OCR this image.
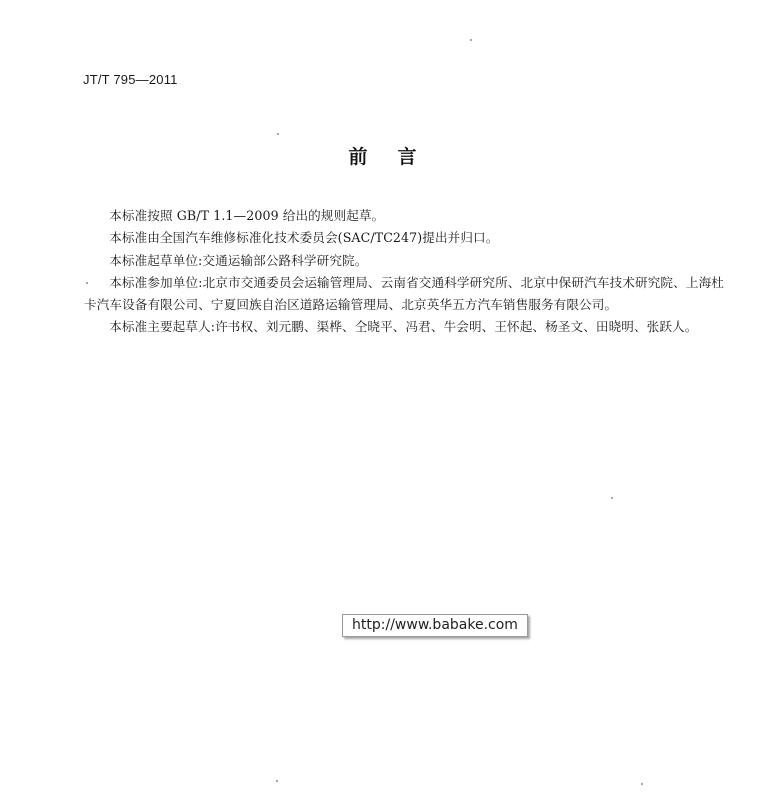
JT/T 795—2011
前言

本标准按照 GB/T 1.1—2009 给出的规则起草。

本标准由全国汽车维修标准化技术委员会(SAC/TC247)提出并归口。

本标准起草单位:交通运输部公路科学研究院。

本标准参加单位:北京市交通委员会运输管理局、云南省交通科学研究所、北京中保研汽车技术研究院、上海杜卡汽车设备有限公司、宁夏回族自治区道路运输管理局、北京英华五方汽车销售服务有限公司。

本标准主要起草人:许书权、刘元鹏、渠桦、仝晓平、冯君、牛会明、王怀起、杨圣文、田晓明、张跃人。

http://www.babake.com
